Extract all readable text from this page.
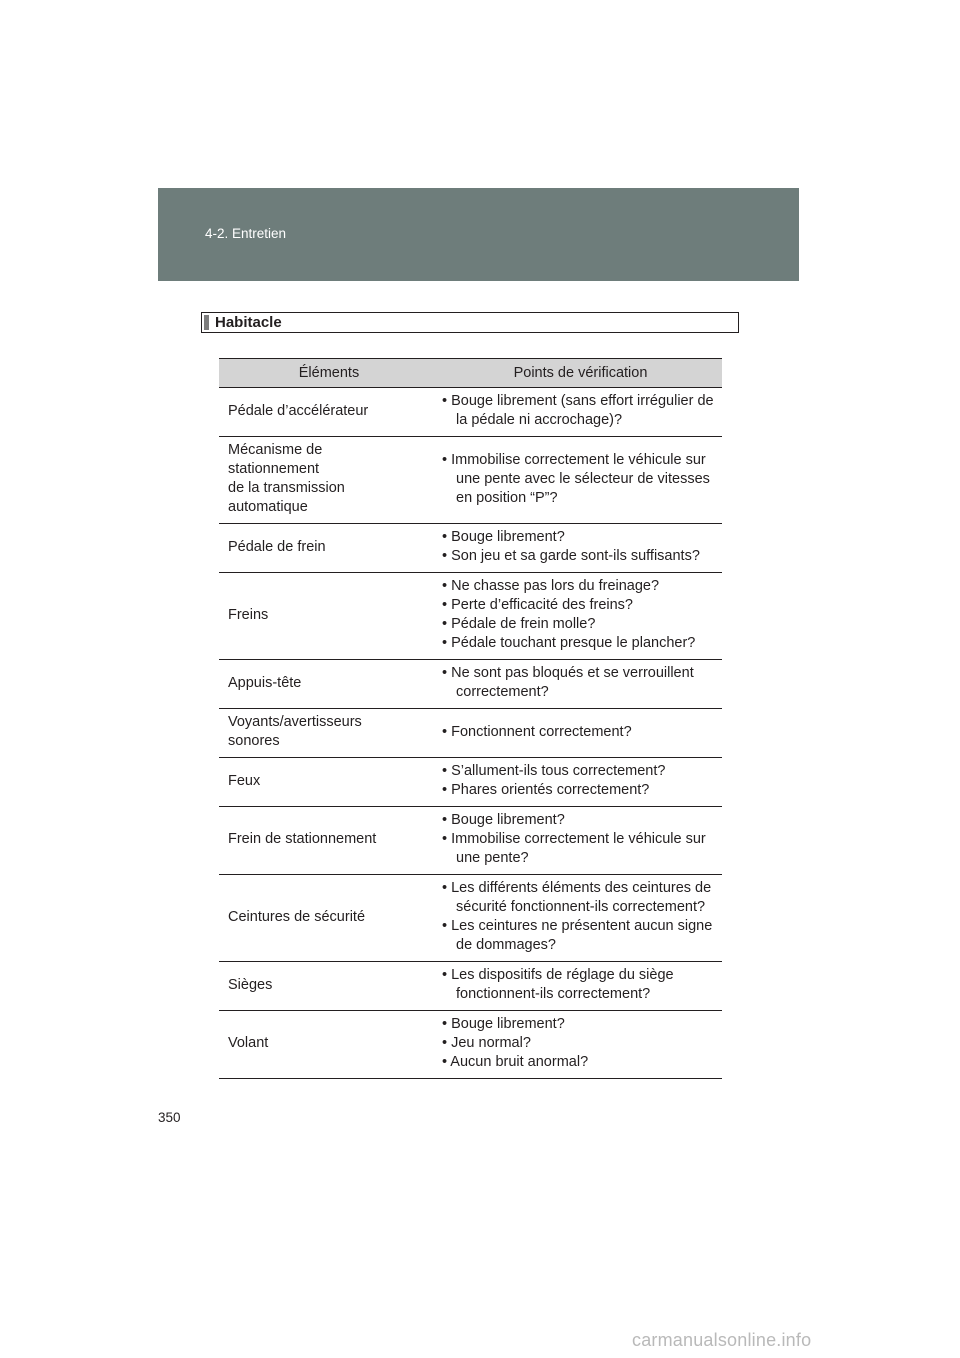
4-2. Entretien
Habitacle
Éléments	Points de vérification

Pédale d’accélérateur	• Bouge librement (sans effort irrégulier de la pédale ni accrochage)?

Mécanisme de
stationnement
de la transmission
automatique	• Immobilise correctement le véhicule sur une pente avec le sélecteur de vitesses en position “P”?

Pédale de frein	• Bouge librement?
• Son jeu et sa garde sont-ils suffisants?

Freins	• Ne chasse pas lors du freinage?
• Perte d’efficacité des freins?
• Pédale de frein molle?
• Pédale touchant presque le plancher?

Appuis-tête	• Ne sont pas bloqués et se verrouillent correctement?

Voyants/avertisseurs
sonores	• Fonctionnent correctement?

Feux	• S’allument-ils tous correctement?
• Phares orientés correctement?

Frein de stationnement	• Bouge librement?
• Immobilise correctement le véhicule sur une pente?

Ceintures de sécurité	• Les différents éléments des ceintures de sécurité fonctionnent-ils correctement?
• Les ceintures ne présentent aucun signe de dommages?

Sièges	• Les dispositifs de réglage du siège fonctionnent-ils correctement?

Volant	• Bouge librement?
• Jeu normal?
• Aucun bruit anormal?
350
carmanualsonline.info
